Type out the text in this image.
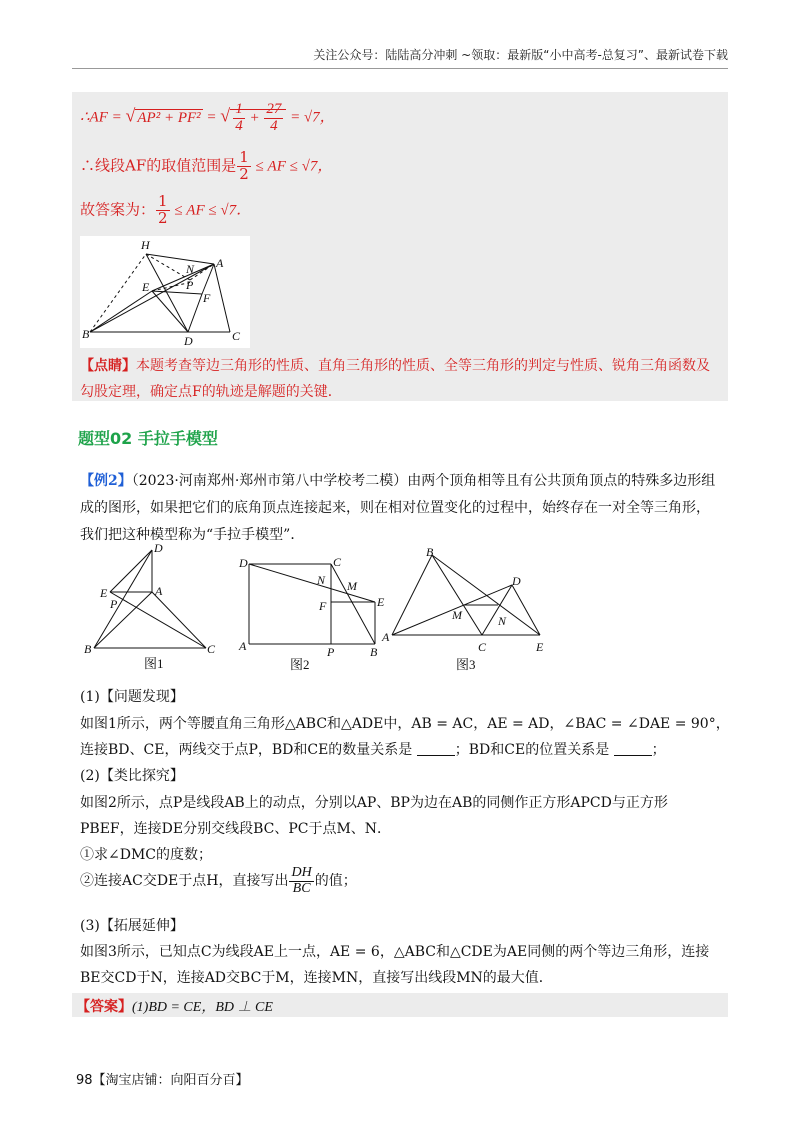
关注公众号：陆陆高分冲刺 ~领取：最新版“小中高考-总复习”、最新试卷下载
∴AF = √ AP² + PF² = √ $\frac{1}{4} + \frac{27}{4} = √7$，
∴线段AF的取值范围是 $\frac{1}{2}$ ≤ AF ≤ √7，
故答案为： $\frac{1}{2}$ ≤ AF ≤ √7．
H
N A
E	P
F
B	D	C
【点睛】本题考查等边三角形的性质、直角三角形的性质、全等三角形的判定与性质、锐角三角函数及
勾股定理，确定点F的轨迹是解题的关键．
题型02 手拉手模型
【例2】（2023·河南郑州·郑州市第八中学校考二模）由两个顶角相等且有公共顶角顶点的特殊多边形组
成的图形，如果把它们的底角顶点连接起来，则在相对位置变化的过程中，始终存在一对全等三角形，
我们把这种模型称为“手拉手模型”．
D
E	A
P
B	C
图1
D	C
N M
F	E
A	P	B
图2
B
D
M	N
A
C	E
图3
(1)【问题发现】
如图1所示，两个等腰直角三角形△ABC和△ADE中，AB = AC，AE = AD，∠BAC = ∠DAE = 90°，
连接BD、CE，两线交于点P，BD和CE的数量关系是	；BD和CE的位置关系是	；
(2)【类比探究】
如图2所示，点P是线段AB上的动点，分别以AP、BP为边在AB的同侧作正方形APCD与正方形
PBEF，连接DE分别交线段BC、PC于点M、N．
①求∠DMC的度数；
②连接AC交DE于点H，直接写出 $\frac{DH}{BC}$ 的值；
(3)【拓展延伸】
如图3所示，已知点C为线段AE上一点，AE = 6，△ABC和△CDE为AE同侧的两个等边三角形，连接
BE交CD于N，连接AD交BC于M，连接MN，直接写出线段MN的最大值．
【答案】(1)BD = CE，BD ⊥ CE
98【淘宝店铺：向阳百分百】
